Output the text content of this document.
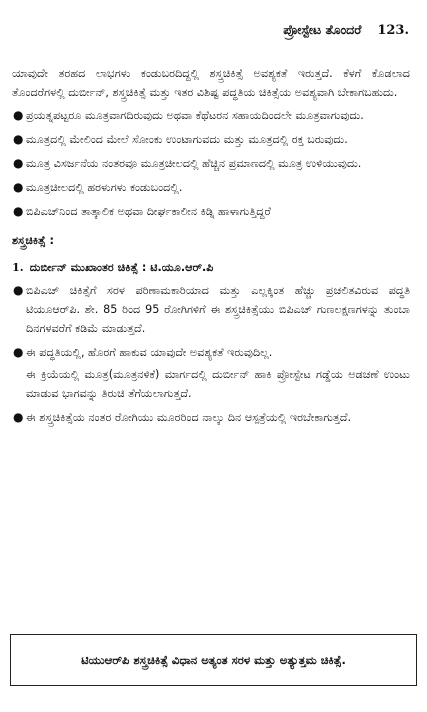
ಪ್ರೋಸ್ಟೇಟ ತೊಂದರೆ 123.

ಯಾವುದೇ ತರಹದ ಲಾಭಗಳು ಕಂಡುಬರದಿದ್ದಲ್ಲಿ ಶಸ್ತ್ರಚಿಕಿತ್ಸೆ ಅವಶ್ಯಕತೆ ಇರುತ್ತದೆ. ಕೆಳಗೆ ಕೊಡಲಾದ ತೊಂದರೆಗಳಲ್ಲಿ ದುರ್ಬೀನ್, ಶಸ್ತ್ರಚಿಕಿತ್ಸೆ ಮತ್ತು ಇತರ ವಿಶಿಷ್ಟ ಪದ್ಧತಿಯ ಚಿಕಿತ್ಸೆಯ ಅವಶ್ಯವಾಗಿ ಬೇಕಾಗಬಹುದು.

● ಪ್ರಯತ್ನಪಟ್ಟರೂ ಮೂತ್ರವಾಗದಿರುವುದು ಅಥವಾ ಕೆಥೆಟರನ ಸಹಾಯದಿಂದಲೇ ಮೂತ್ರವಾಗುವುದು.
● ಮೂತ್ರದಲ್ಲಿ ಮೇಲಿಂದ ಮೇಲೆ ಸೋಂಕು ಉಂಟಾಗುವದು ಮತ್ತು ಮೂತ್ರದಲ್ಲಿ ರಕ್ತ ಬರುವುದು.
● ಮೂತ್ರ ವಿಸರ್ಜನೆಯ ನಂತರವೂ ಮೂತ್ರಚೀಲದಲ್ಲಿ ಹೆಚ್ಚಿನ ಪ್ರಮಾಣದಲ್ಲಿ ಮೂತ್ರ ಉಳಿಯುವುದು.
● ಮೂತ್ರಚೀಲದಲ್ಲಿ ಹರಳುಗಳು ಕಂಡುಬಂದಲ್ಲಿ.
● ಬಿಪಿಎಚ್‌ನಿಂದ ತಾತ್ಕಾಲಿಕ ಅಥವಾ ದೀರ್ಘಕಾಲೀನ ಕಿಡ್ನಿ ಹಾಳಾಗುತ್ತಿದ್ದರೆ
ಶಸ್ತ್ರಚಿಕಿತ್ಸೆ :
1. ದುರ್ಬೀನ್ ಮುಖಾಂತರ ಚಿಕಿತ್ಸೆ : ಟಿ.ಯೂ.ಆರ್.ಪಿ
● ಬಿಪಿಎಚ್ ಚಿಕಿತ್ಸೆಗೆ ಸರಳ ಪರಿಣಾಮಕಾರಿಯಾದ ಮತ್ತು ಎಲ್ಲಕ್ಕಿಂತ ಹೆಚ್ಚು ಪ್ರಚಲಿತವಿರುವ ಪದ್ಧತಿ ಟಿಯೂಆರ್‌ಪಿ. ಶೇ. 85 ರಿಂದ 95 ರೋಗಿಗಳಿಗೆ ಈ ಶಸ್ತ್ರಚಿಕಿತ್ಸೆಯು ಬಿಪಿಎಚ್ ಗುಣಲಕ್ಷಣಗಳನ್ನು ತುಂಬಾ ದಿನಗಳವರೆಗೆ ಕಡಿಮೆ ಮಾಡುತ್ತದೆ.
● ಈ ಪದ್ಧತಿಯಲ್ಲಿ, ಹೊರಗೆ ಹಾಕುವ ಯಾವುದೇ ಅವಶ್ಯಕತೆ ಇರುವುದಿಲ್ಲ.

ಈ ಕ್ರಿಯೆಯಲ್ಲಿ ಮೂತ್ರ(ಮೂತ್ರನಳಿಕೆ) ಮಾರ್ಗದಲ್ಲಿ ದುರ್ಬೀನ್ ಹಾಕಿ ಪ್ರೋಸ್ಟೇಟ ಗಡ್ಡೆಯ ಅಡಚಣೆ ಉಂಟು ಮಾಡುವ ಭಾಗವನ್ನು ತಿರುಚಿ ತೆಗೆಯಲಾಗುತ್ತದೆ.

● ಈ ಶಸ್ತ್ರಚಿಕಿತ್ಸೆಯ ನಂತರ ರೋಗಿಯು ಮೂರರಿಂದ ನಾಲ್ಕು ದಿನ ಆಸ್ಪತ್ರೆಯಲ್ಲಿ ಇರಬೇಕಾಗುತ್ತದೆ.
ಟಿಯುಆರ್‌ಪಿ ಶಸ್ತ್ರಚಿಕಿತ್ಸೆ ವಿಧಾನ ಅತ್ಯಂತ ಸರಳ ಮತ್ತು ಅತ್ಯುತ್ತಮ ಚಿಕಿತ್ಸೆ.
